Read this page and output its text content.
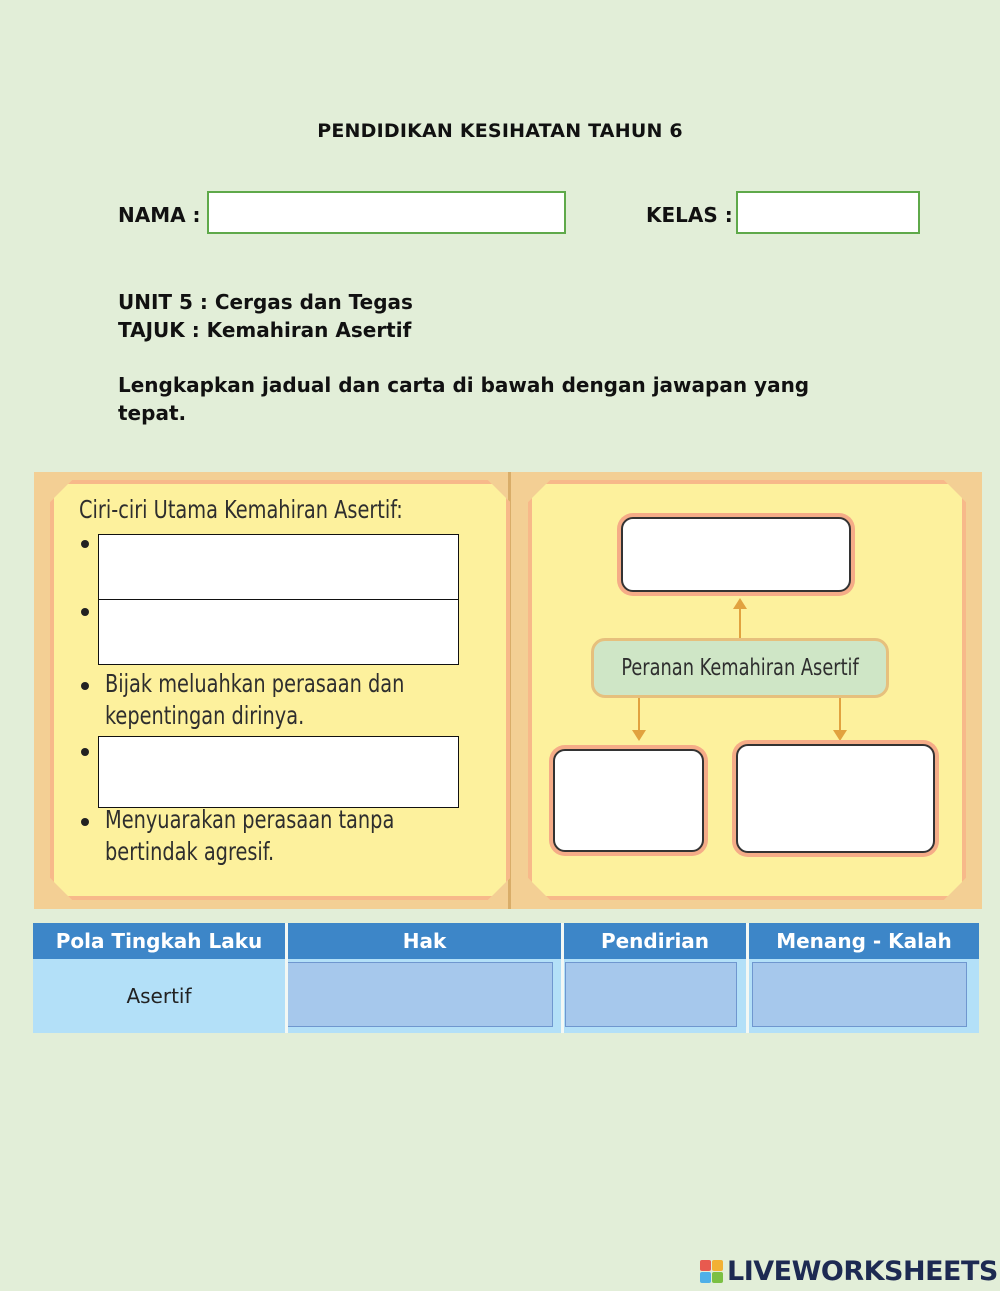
PENDIDIKAN KESIHATAN TAHUN 6
NAMA :	KELAS :
UNIT 5 : Cergas dan Tegas
TAJUK : Kemahiran Asertif
Lengkapkan jadual dan carta di bawah dengan jawapan yang tepat.
Ciri-ciri Utama Kemahiran Asertif:
Bijak meluahkan perasaan dan
kepentingan dirinya.
Menyuarakan perasaan tanpa
bertindak agresif.
Peranan Kemahiran Asertif
Pola Tingkah Laku	Hak	Pendirian	Menang - Kalah
Asertif
LIVEWORKSHEETS
